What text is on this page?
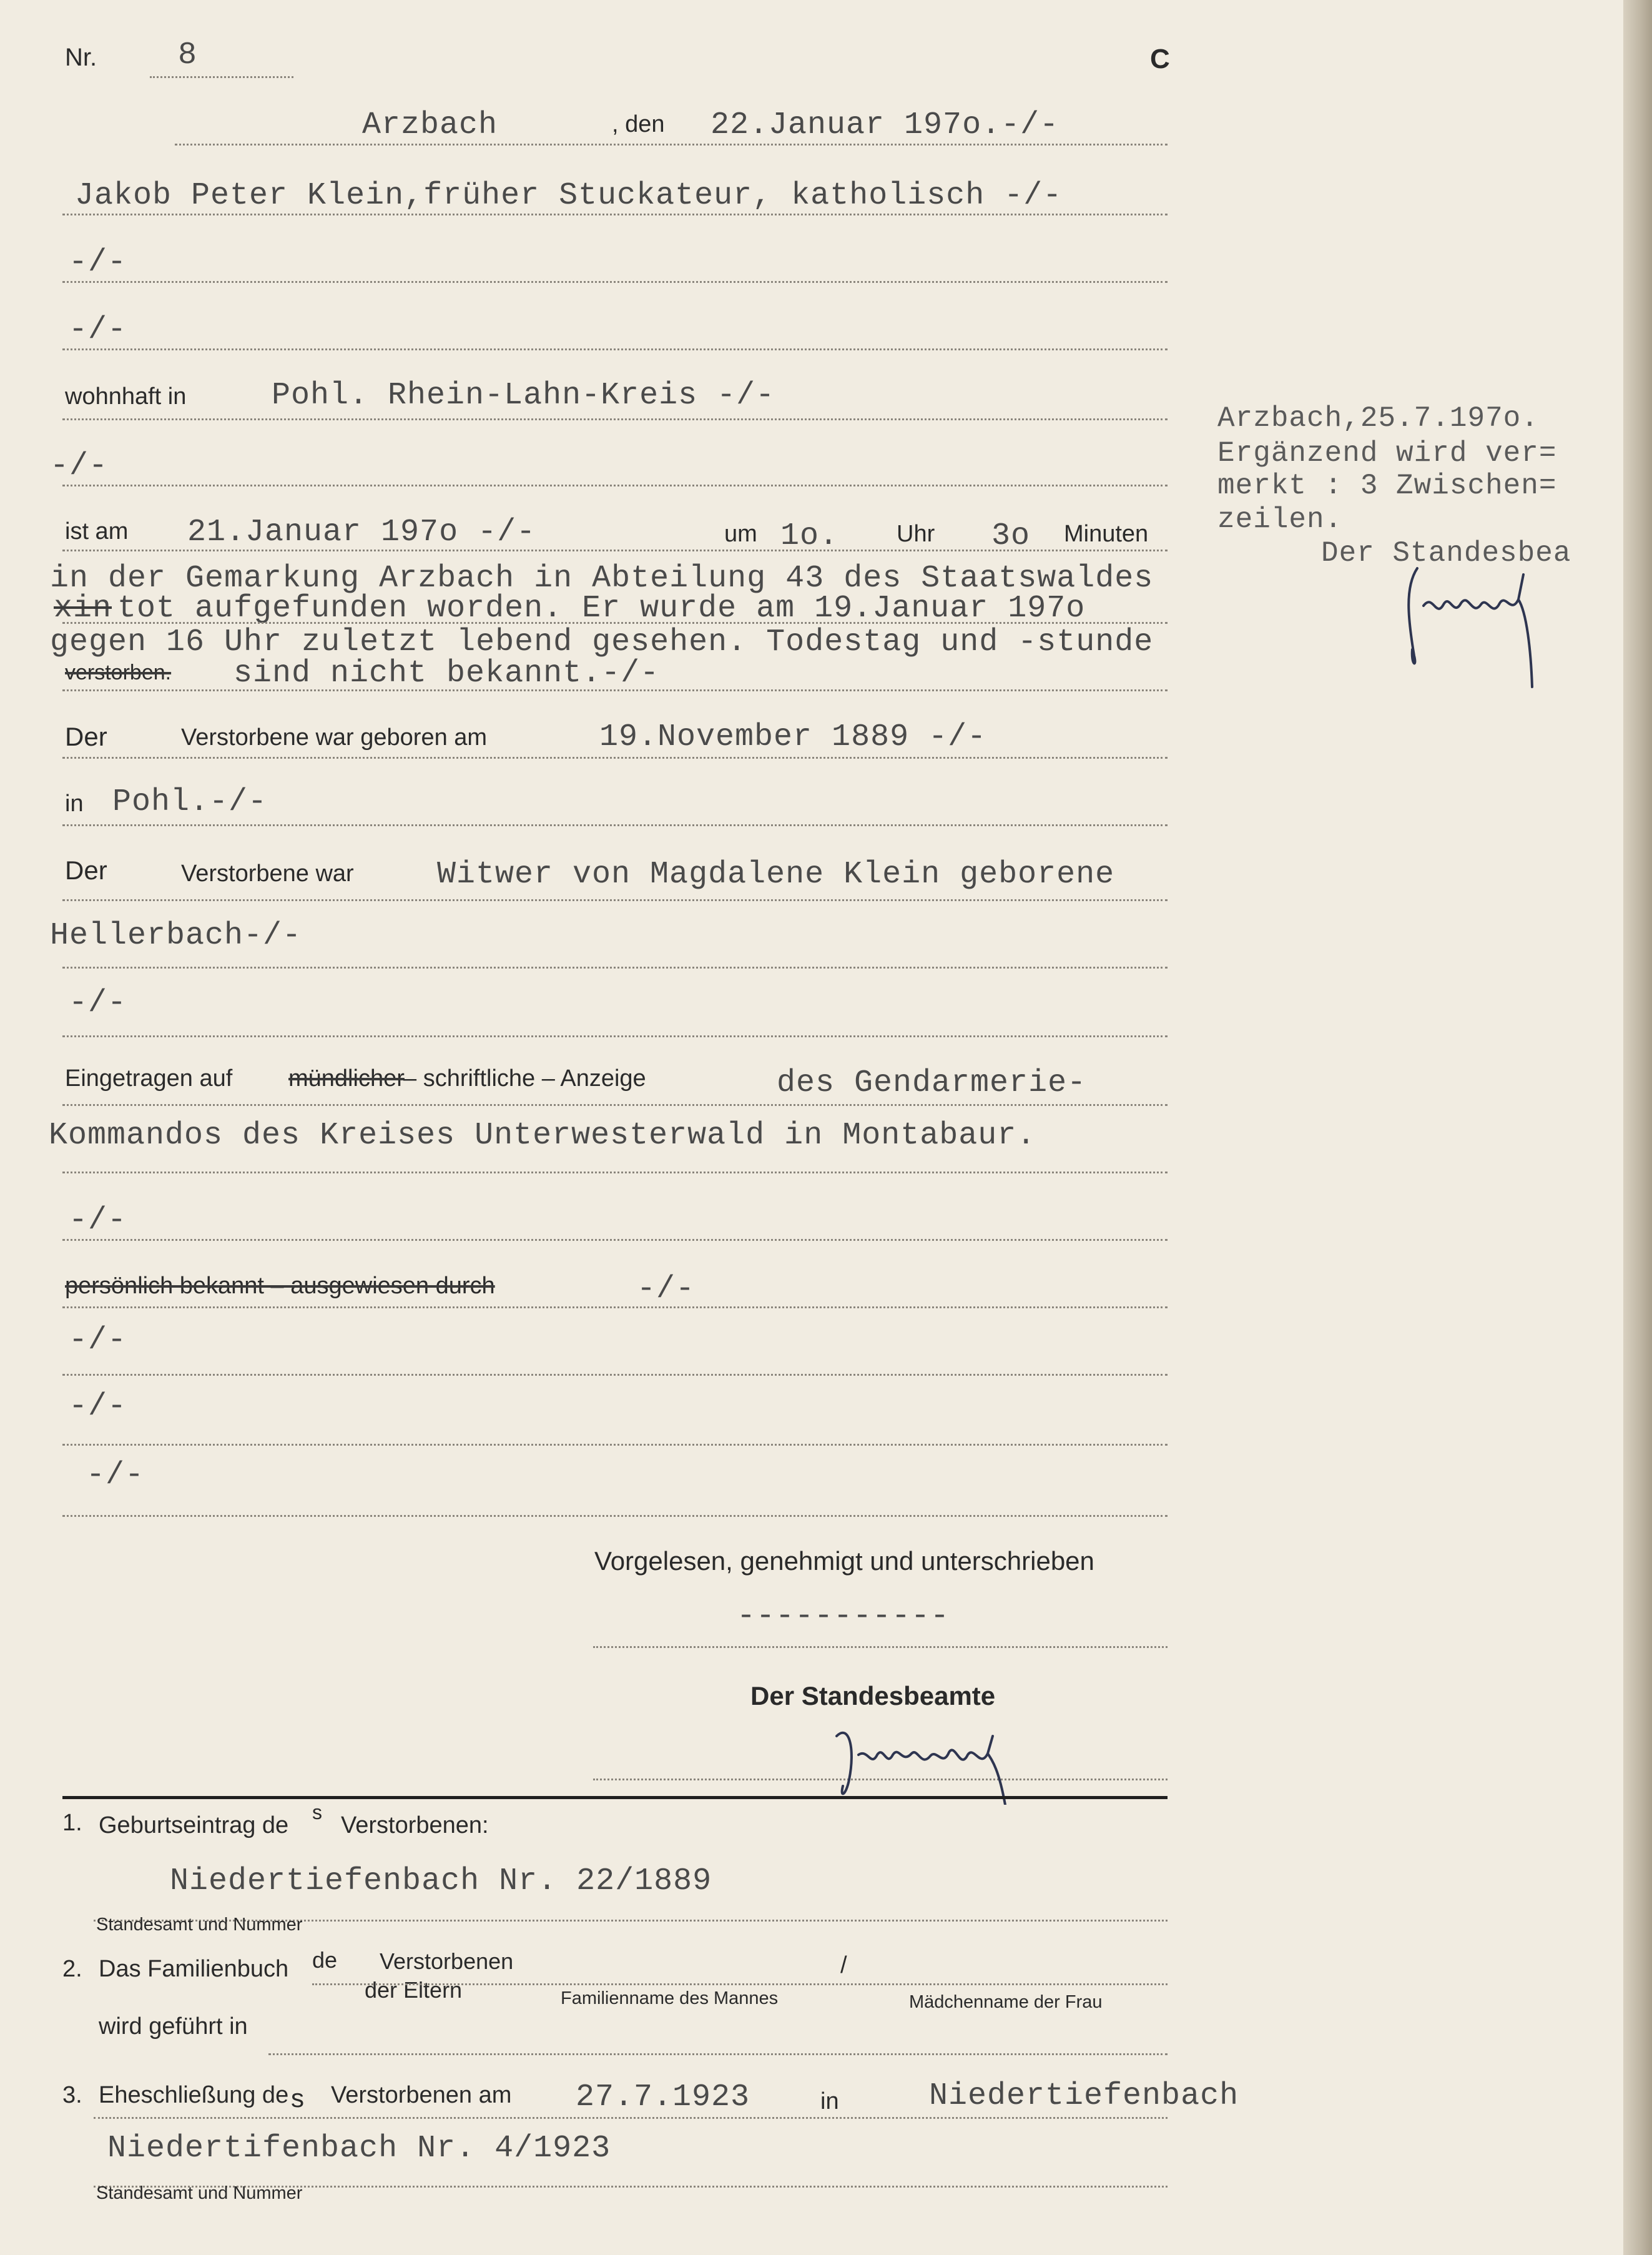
Nr.	8	C
Arzbach	, den 22.Januar 197o.-/-
Jakob Peter Klein,früher Stuckateur, katholisch -/-
-/-
-/-
wohnhaft in	Pohl. Rhein-Lahn-Kreis -/-
-/-
ist am 21.Januar 197o -/-	um 1o. Uhr 3o Minuten
in der Gemarkung Arzbach in Abteilung 43 des Staatswaldes
xin tot aufgefunden worden. Er wurde am 19.Januar 197o
gegen 16 Uhr zuletzt lebend gesehen. Todestag und -stunde
verstorben. sind nicht bekannt.-/-
Der	Verstorbene war geboren am	19.November 1889 -/-
in Pohl.-/-
Der	Verstorbene war	Witwer von Magdalene Klein geborene
Hellerbach-/-
-/-
Eingetragen auf mündlicher
– schriftliche – Anzeige	des Gendarmerie-
Kommandos des Kreises Unterwesterwald in Montabaur.
-/-
persönlich bekannt – ausgewiesen durch	-/-
-/-
-/-
-/-
Vorgelesen, genehmigt und unterschrieben
-----------
Der Standesbeamte
1. Geburtseintrag de s Verstorbenen:
Niedertiefenbach Nr. 22/1889
Standesamt und Nummer
2. Das Familienbuch de Verstorbenen
der Eltern
/
Familienname des Mannes	Mädchenname der Frau
wird geführt in
3. Eheschließung de s Verstorbenen am 27.7.1923	in	Niedertiefenbach
Niedertifenbach Nr. 4/1923
Standesamt und Nummer
Arzbach,25.7.197o.
Ergänzend wird ver=
merkt : 3 Zwischen=
zeilen.
Der Standesbea
